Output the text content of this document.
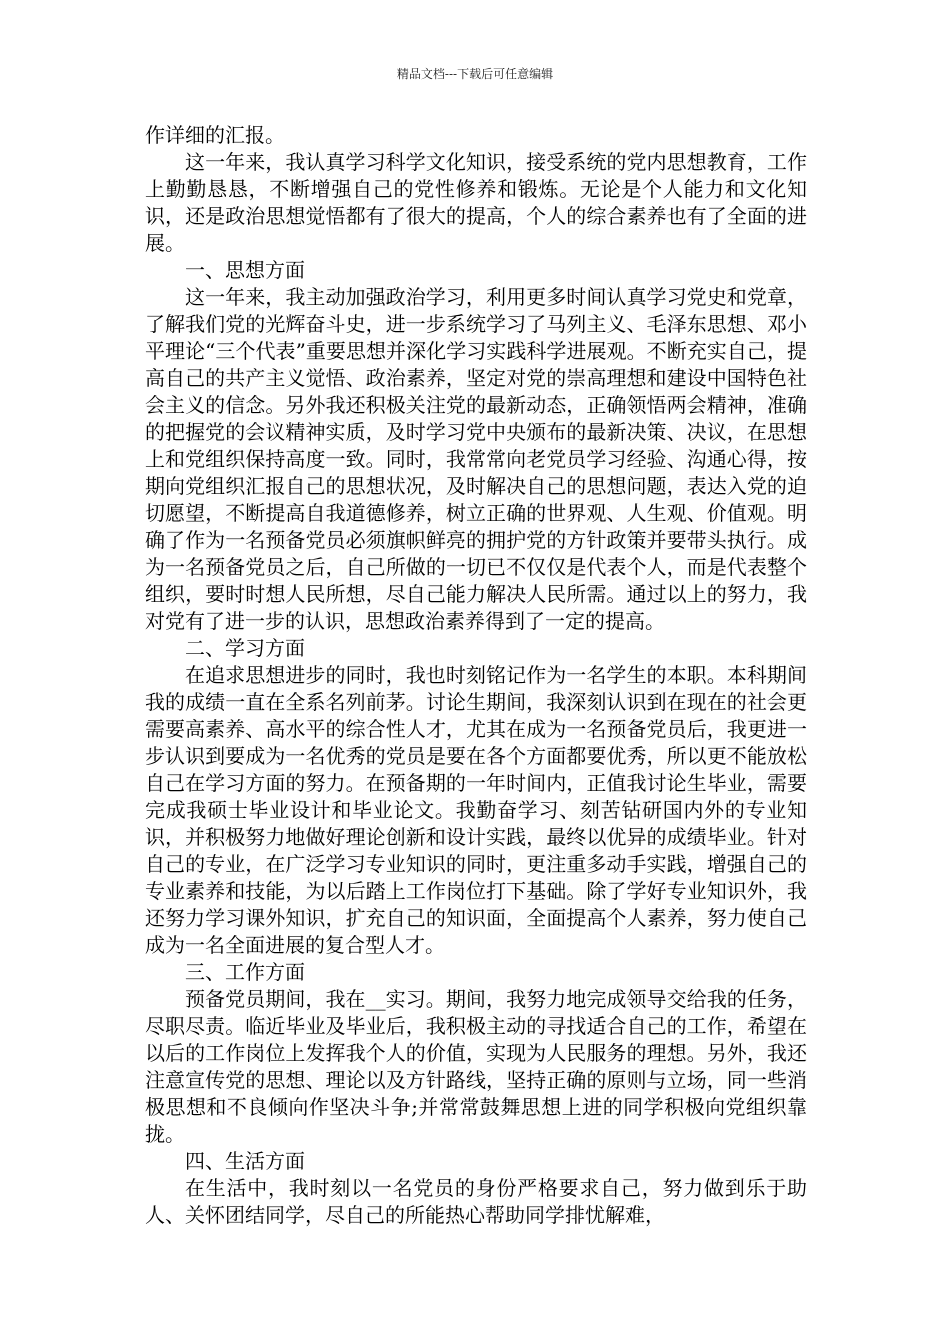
精品文档---下载后可任意编辑

作详细的汇报。

这一年来，我认真学习科学文化知识，接受系统的党内思想教育，工作上勤勤恳恳，不断增强自己的党性修养和锻炼。无论是个人能力和文化知识，还是政治思想觉悟都有了很大的提高，个人的综合素养也有了全面的进展。

一、思想方面

这一年来，我主动加强政治学习，利用更多时间认真学习党史和党章，了解我们党的光辉奋斗史，进一步系统学习了马列主义、毛泽东思想、邓小平理论“三个代表”重要思想并深化学习实践科学进展观。不断充实自己，提高自己的共产主义觉悟、政治素养，坚定对党的崇高理想和建设中国特色社会主义的信念。另外我还积极关注党的最新动态，正确领悟两会精神，准确的把握党的会议精神实质，及时学习党中央颁布的最新决策、决议，在思想上和党组织保持高度一致。同时，我常常向老党员学习经验、沟通心得，按期向党组织汇报自己的思想状况，及时解决自己的思想问题，表达入党的迫切愿望，不断提高自我道德修养，树立正确的世界观、人生观、价值观。明确了作为一名预备党员必须旗帜鲜亮的拥护党的方针政策并要带头执行。成为一名预备党员之后，自己所做的一切已不仅仅是代表个人，而是代表整个组织，要时时想人民所想，尽自己能力解决人民所需。通过以上的努力，我对党有了进一步的认识，思想政治素养得到了一定的提高。

二、学习方面

在追求思想进步的同时，我也时刻铭记作为一名学生的本职。本科期间我的成绩一直在全系名列前茅。讨论生期间，我深刻认识到在现在的社会更需要高素养、高水平的综合性人才，尤其在成为一名预备党员后，我更进一步认识到要成为一名优秀的党员是要在各个方面都要优秀，所以更不能放松自己在学习方面的努力。在预备期的一年时间内，正值我讨论生毕业，需要完成我硕士毕业设计和毕业论文。我勤奋学习、刻苦钻研国内外的专业知识，并积极努力地做好理论创新和设计实践，最终以优异的成绩毕业。针对自己的专业，在广泛学习专业知识的同时，更注重多动手实践，增强自己的专业素养和技能，为以后踏上工作岗位打下基础。除了学好专业知识外，我还努力学习课外知识，扩充自己的知识面，全面提高个人素养，努力使自己成为一名全面进展的复合型人才。

三、工作方面

预备党员期间，我在__实习。期间，我努力地完成领导交给我的任务，尽职尽责。临近毕业及毕业后，我积极主动的寻找适合自己的工作，希望在以后的工作岗位上发挥我个人的价值，实现为人民服务的理想。另外，我还注意宣传党的思想、理论以及方针路线，坚持正确的原则与立场，同一些消极思想和不良倾向作坚决斗争;并常常鼓舞思想上进的同学积极向党组织靠拢。

四、生活方面

在生活中，我时刻以一名党员的身份严格要求自己，努力做到乐于助人、关怀团结同学，尽自己的所能热心帮助同学排忧解难，
